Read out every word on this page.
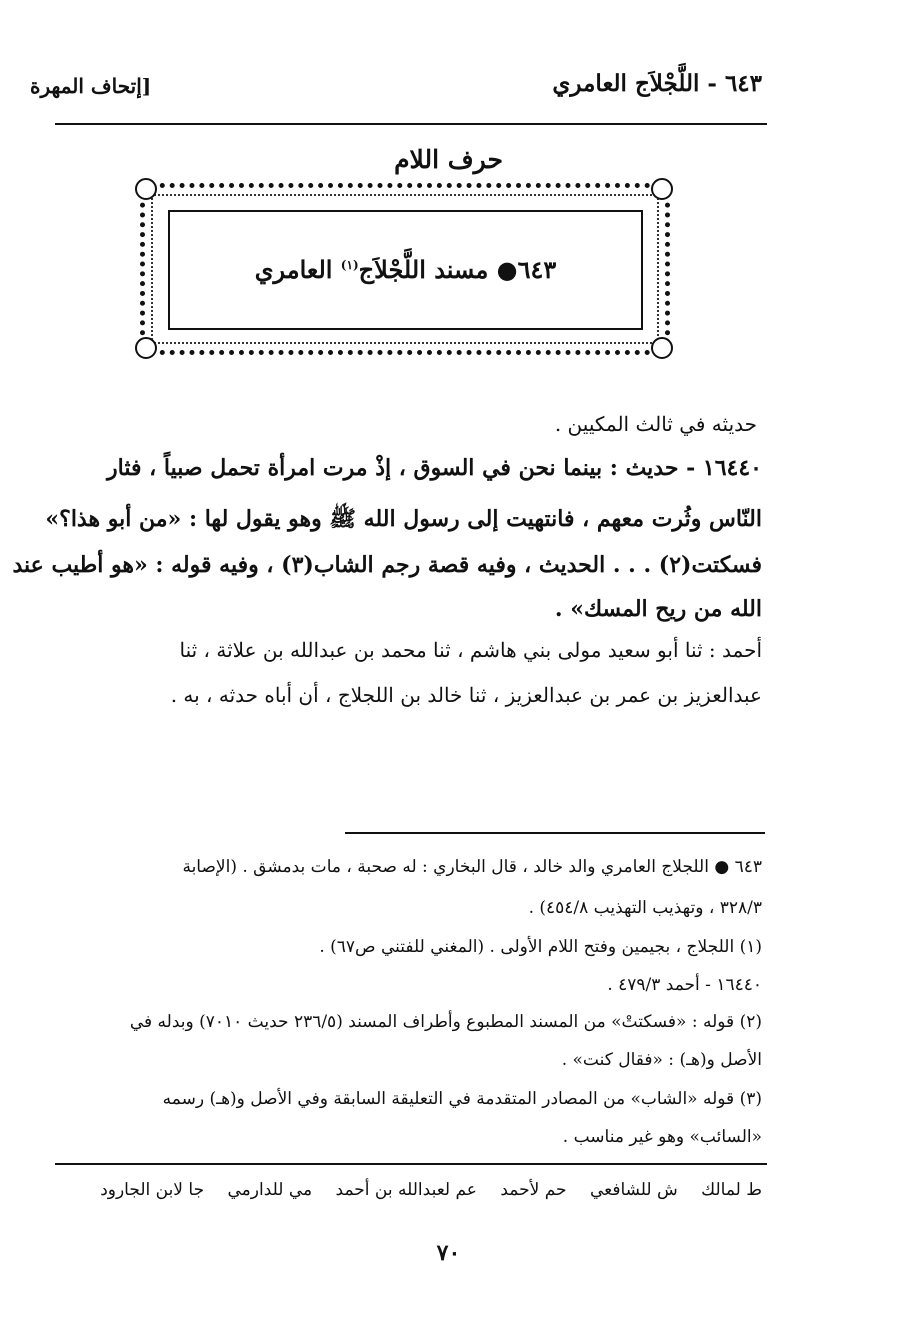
٦٤٣ - اللَّجْلاَج العامري
[إتحاف المهرة
حرف اللام
٦٤٣● مسند اللَّجْلاَج$^{(١)}$ العامري
حديثه في ثالث المكيين .
١٦٤٤٠ - حديث : بينما نحن في السوق ، إذْ مرت امرأة تحمل صبياً ، فثار
النّاس وثُرت معهم ، فانتهيت إلى رسول الله ﷺ وهو يقول لها : «من أبو هذا؟»
فسكتت(٢) . . . الحديث ، وفيه قصة رجم الشاب(٣) ، وفيه قوله : «هو أطيب عند
الله من ريح المسك» .
أحمد : ثنا أبو سعيد مولى بني هاشم ، ثنا محمد بن عبدالله بن علاثة ، ثنا
عبدالعزيز بن عمر بن عبدالعزيز ، ثنا خالد بن اللجلاج ، أن أباه حدثه ، به .
٦٤٣ ● اللجلاج العامري والد خالد ، قال البخاري : له صحبة ، مات بدمشق . (الإصابة
٣٢٨/٣ ، وتهذيب التهذيب ٤٥٤/٨) .
(١) اللجلاج ، بجيمين وفتح اللام الأولى . (المغني للفتني ص٦٧) .
١٦٤٤٠ - أحمد ٤٧٩/٣ .
(٢) قوله : «فسكتتْ» من المسند المطبوع وأطراف المسند (٢٣٦/٥ حديث ٧٠١٠) وبدله في
الأصل و(هـ) : «فقال كنت» .
(٣) قوله «الشاب» من المصادر المتقدمة في التعليقة السابقة وفي الأصل و(هـ) رسمه
«السائب» وهو غير مناسب .
ط لمالك ش للشافعي حم لأحمد عم لعبدالله بن أحمد مي للدارمي جا لابن الجارود
٧٠
